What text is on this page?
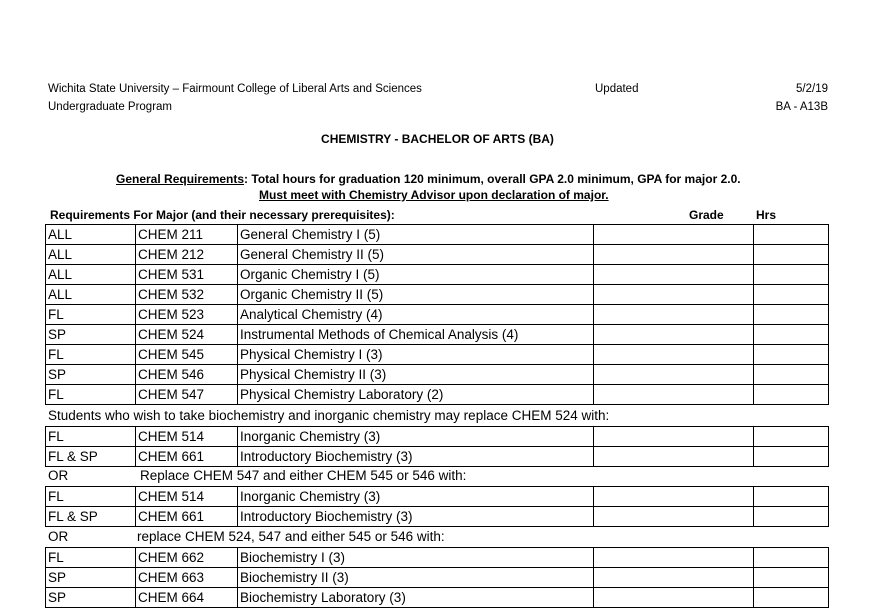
Wichita State University – Fairmount College of Liberal Arts and Sciences
Undergraduate Program
Updated	5/2/19
BA - A13B
CHEMISTRY - BACHELOR OF ARTS (BA)
General Requirements: Total hours for graduation 120 minimum, overall GPA 2.0 minimum, GPA for major 2.0.
Must meet with Chemistry Advisor upon declaration of major.
Requirements For Major (and their necessary prerequisites):	Grade	Hrs
ALL	CHEM 211	General Chemistry I (5)
ALL	CHEM 212	General Chemistry II (5)
ALL	CHEM 531	Organic Chemistry I (5)
ALL	CHEM 532	Organic Chemistry II (5)
FL	CHEM 523	Analytical Chemistry (4)
SP	CHEM 524	Instrumental Methods of Chemical Analysis (4)
FL	CHEM 545	Physical Chemistry I (3)
SP	CHEM 546	Physical Chemistry II (3)
FL	CHEM 547	Physical Chemistry Laboratory (2)
Students who wish to take biochemistry and inorganic chemistry may replace CHEM 524 with:
FL	CHEM 514	Inorganic Chemistry (3)
FL & SP	CHEM 661	Introductory Biochemistry (3)
OR	Replace CHEM 547 and either CHEM 545 or 546 with:
FL	CHEM 514	Inorganic Chemistry (3)
FL & SP	CHEM 661	Introductory Biochemistry (3)
OR	replace CHEM 524, 547 and either 545 or 546 with:
FL	CHEM 662	Biochemistry I (3)
SP	CHEM 663	Biochemistry II (3)
SP	CHEM 664	Biochemistry Laboratory (3)
